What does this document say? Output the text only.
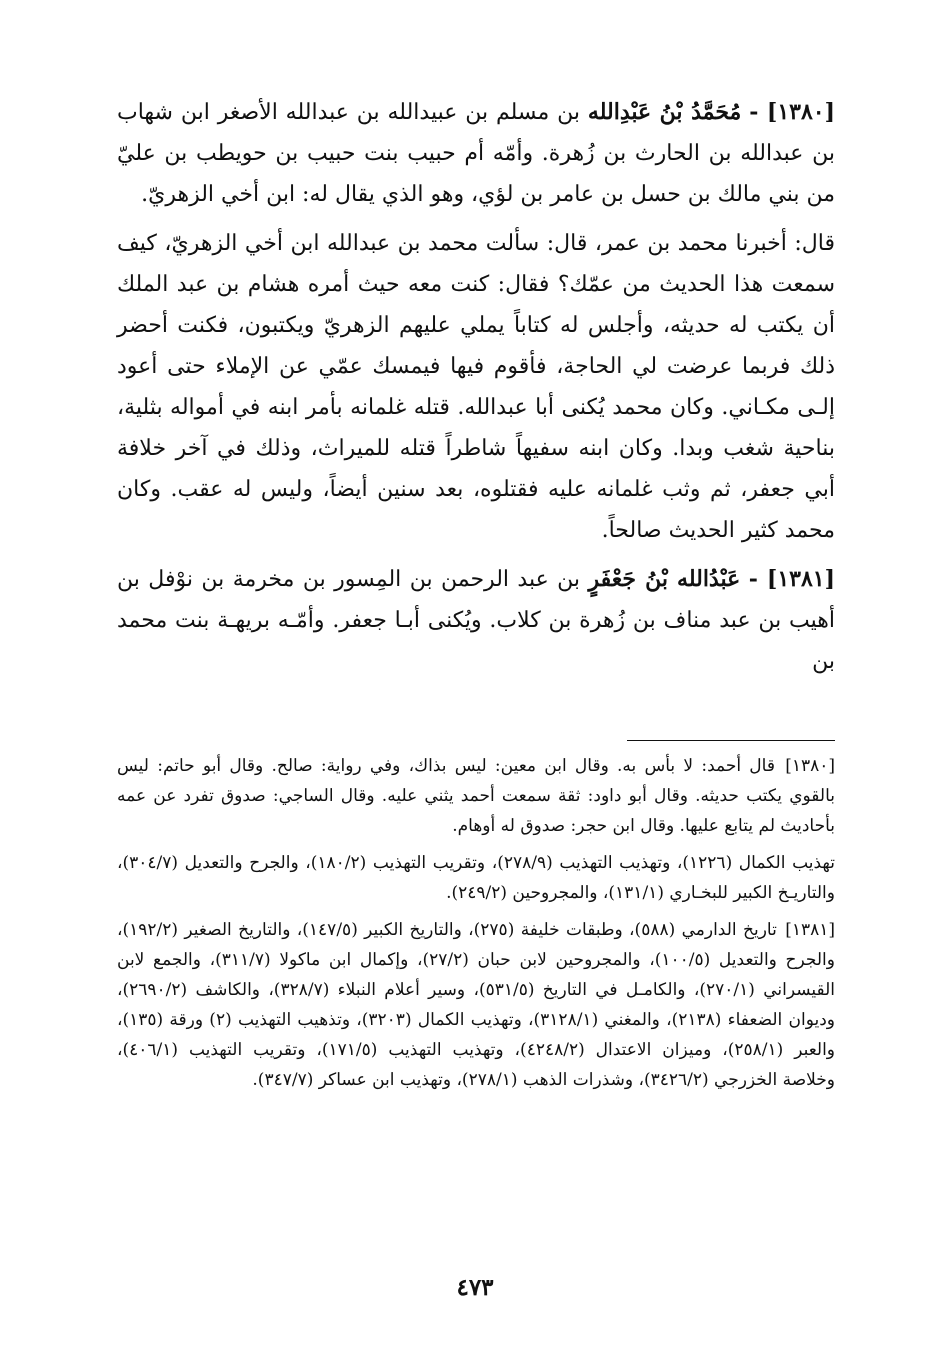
[١٣٨٠] - مُحَمَّدُ بْنُ عَبْدِالله بن مسلم بن عبيدالله بن عبدالله الأصغر ابن شهاب بن عبدالله بن الحارث بن زُهرة. وأمّه أم حبيب بنت حبيب بن حويطب بن عليّ من بني مالك بن حسل بن عامر بن لؤي، وهو الذي يقال له: ابن أخي الزهريّ.

قال: أخبرنا محمد بن عمر، قال: سألت محمد بن عبدالله ابن أخي الزهريّ، كيف سمعت هذا الحديث من عمّك؟ فقال: كنت معه حيث أمره هشام بن عبد الملك أن يكتب له حديثه، وأجلس له كتاباً يملي عليهم الزهريّ ويكتبون، فكنت أحضر ذلك فربما عرضت لي الحاجة، فأقوم فيها فيمسك عمّي عن الإملاء حتى أعود إلـى مكـاني. وكان محمد يُكنى أبا عبدالله. قتله غلمانه بأمر ابنه في أمواله بثلية، بناحية شغب وبدا. وكان ابنه سفيهاً شاطراً قتله للميراث، وذلك في آخر خلافة أبي جعفر، ثم وثب غلمانه عليه فقتلوه، بعد سنين أيضاً، وليس له عقب. وكان محمد كثير الحديث صالحاً.

[١٣٨١] - عَبْدُالله بْنُ جَعْفَرٍ بن عبد الرحمن بن المِسور بن مخرمة بن نوْفل بن أهيب بن عبد مناف بن زُهرة بن كلاب. ويُكنى أبـا جعفر. وأمّـه بريهـة بنت محمد بن

[١٣٨٠] قال أحمد: لا بأس به. وقال ابن معين: ليس بذاك، وفي رواية: صالح. وقال أبو حاتم: ليس بالقوي يكتب حديثه. وقال أبو داود: ثقة سمعت أحمد يثني عليه. وقال الساجي: صدوق تفرد عن عمه بأحاديث لم يتابع عليها. وقال ابن حجر: صدوق له أوهام.

تهذيب الكمال (١٢٢٦)، وتهذيب التهذيب (٢٧٨/٩)، وتقريب التهذيب (١٨٠/٢)، والجرح والتعديل (٣٠٤/٧)، والتاريـخ الكبير للبخـاري (١٣١/١)، والمجروحين (٢٤٩/٢).

[١٣٨١] تاريخ الدارمي (٥٨٨)، وطبقات خليفة (٢٧٥)، والتاريخ الكبير (١٤٧/٥)، والتاريخ الصغير (١٩٢/٢)، والجرح والتعديل (١٠٠/٥)، والمجروحين لابن حبان (٢٧/٢)، وإكمال ابن ماكولا (٣١١/٧)، والجمع لابن القيسراني (٢٧٠/١)، والكامـل في التاريخ (٥٣١/٥)، وسير أعلام النبلاء (٣٢٨/٧)، والكاشف (٢٦٩٠/٢)، وديوان الضعفاء (٢١٣٨)، والمغني (٣١٢٨/١)، وتهذيب الكمال (٣٢٠٣)، وتذهيب التهذيب (٢) ورقة (١٣٥)، والعبر (٢٥٨/١)، وميزان الاعتدال (٤٢٤٨/٢)، وتهذيب التهذيب (١٧١/٥)، وتقريب التهذيب (٤٠٦/١)، وخلاصة الخزرجي (٣٤٢٦/٢)، وشذرات الذهب (٢٧٨/١)، وتهذيب ابن عساكر (٣٤٧/٧).

٤٧٣
